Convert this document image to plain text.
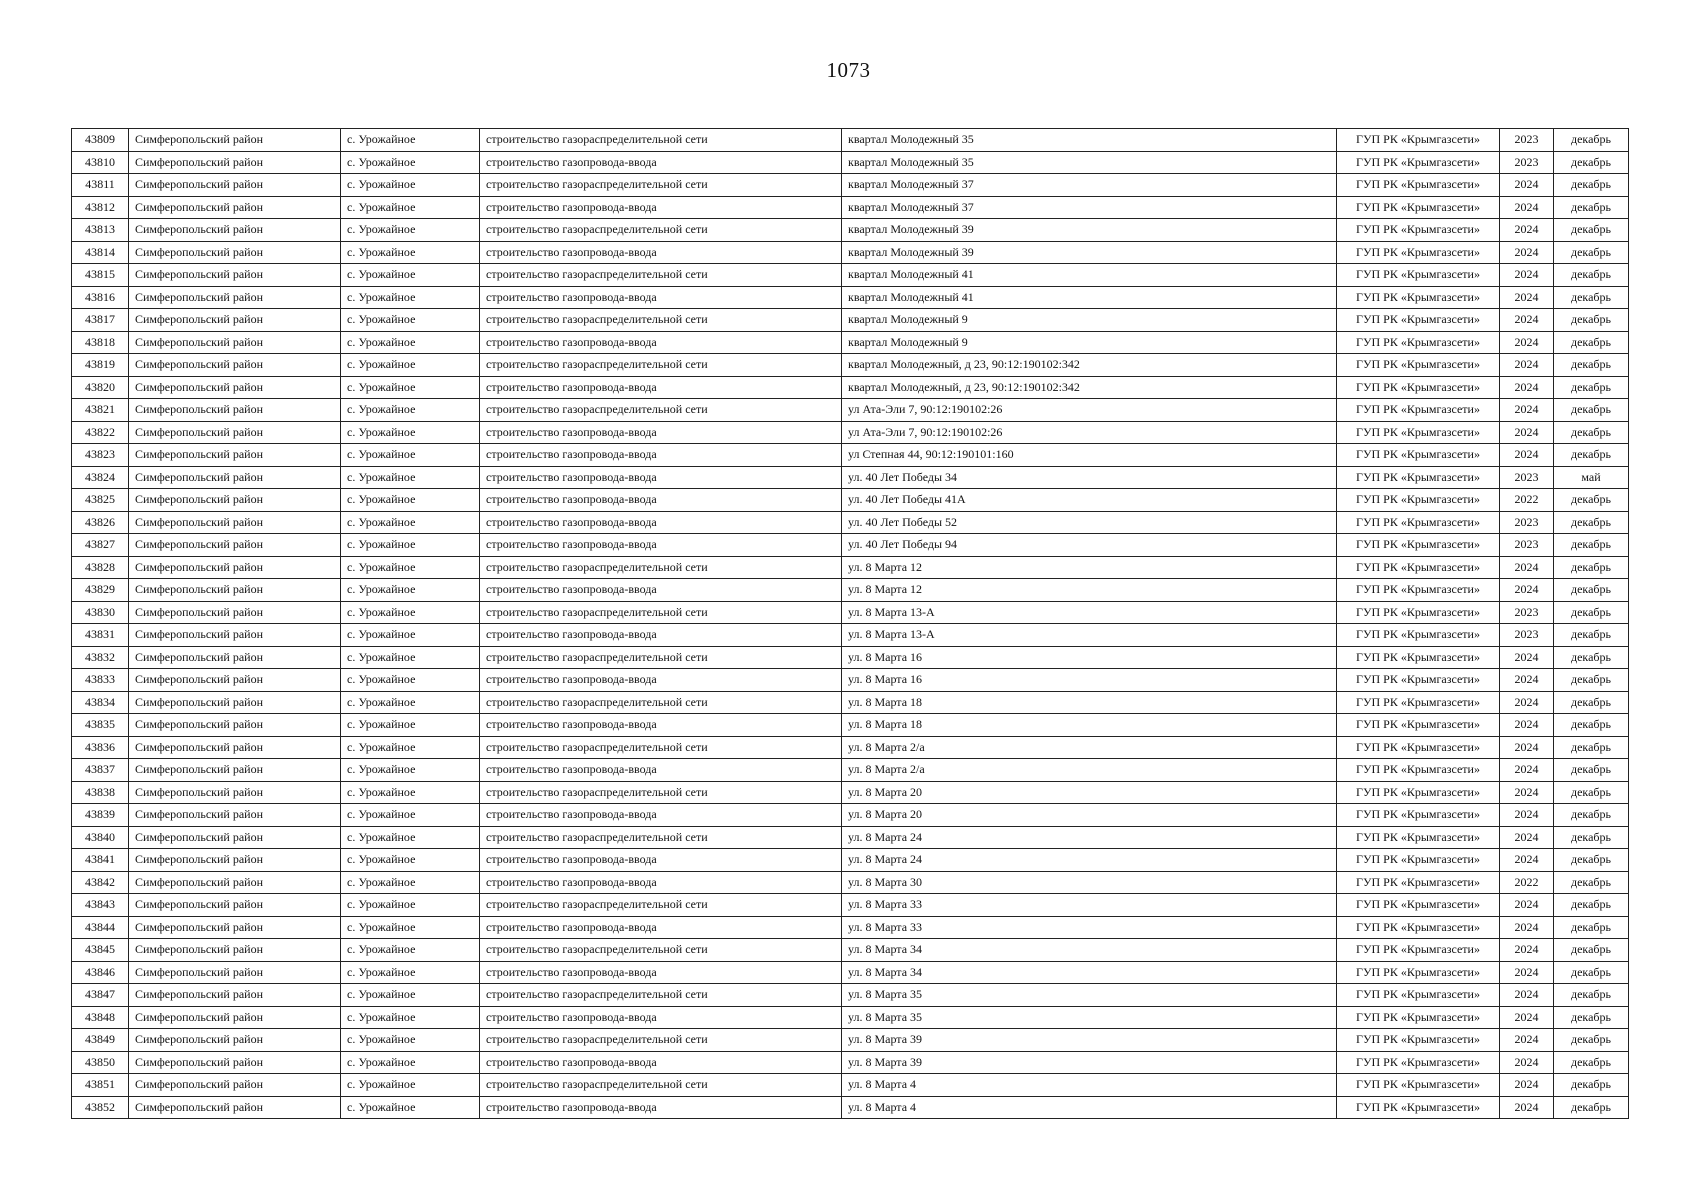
1073
43809	Симферопольский район	с. Урожайное	строительство газораспределительной сети	квартал Молодежный 35	ГУП РК «Крымгазсети»	2023	декабрь
43810	Симферопольский район	с. Урожайное	строительство газопровода-ввода	квартал Молодежный 35	ГУП РК «Крымгазсети»	2023	декабрь
43811	Симферопольский район	с. Урожайное	строительство газораспределительной сети	квартал Молодежный 37	ГУП РК «Крымгазсети»	2024	декабрь
43812	Симферопольский район	с. Урожайное	строительство газопровода-ввода	квартал Молодежный 37	ГУП РК «Крымгазсети»	2024	декабрь
43813	Симферопольский район	с. Урожайное	строительство газораспределительной сети	квартал Молодежный 39	ГУП РК «Крымгазсети»	2024	декабрь
43814	Симферопольский район	с. Урожайное	строительство газопровода-ввода	квартал Молодежный 39	ГУП РК «Крымгазсети»	2024	декабрь
43815	Симферопольский район	с. Урожайное	строительство газораспределительной сети	квартал Молодежный 41	ГУП РК «Крымгазсети»	2024	декабрь
43816	Симферопольский район	с. Урожайное	строительство газопровода-ввода	квартал Молодежный 41	ГУП РК «Крымгазсети»	2024	декабрь
43817	Симферопольский район	с. Урожайное	строительство газораспределительной сети	квартал Молодежный 9	ГУП РК «Крымгазсети»	2024	декабрь
43818	Симферопольский район	с. Урожайное	строительство газопровода-ввода	квартал Молодежный 9	ГУП РК «Крымгазсети»	2024	декабрь
43819	Симферопольский район	с. Урожайное	строительство газораспределительной сети	квартал Молодежный, д 23, 90:12:190102:342	ГУП РК «Крымгазсети»	2024	декабрь
43820	Симферопольский район	с. Урожайное	строительство газопровода-ввода	квартал Молодежный, д 23, 90:12:190102:342	ГУП РК «Крымгазсети»	2024	декабрь
43821	Симферопольский район	с. Урожайное	строительство газораспределительной сети	ул Ата-Эли 7, 90:12:190102:26	ГУП РК «Крымгазсети»	2024	декабрь
43822	Симферопольский район	с. Урожайное	строительство газопровода-ввода	ул Ата-Эли 7, 90:12:190102:26	ГУП РК «Крымгазсети»	2024	декабрь
43823	Симферопольский район	с. Урожайное	строительство газопровода-ввода	ул Степная 44, 90:12:190101:160	ГУП РК «Крымгазсети»	2024	декабрь
43824	Симферопольский район	с. Урожайное	строительство газопровода-ввода	ул. 40 Лет Победы 34	ГУП РК «Крымгазсети»	2023	май
43825	Симферопольский район	с. Урожайное	строительство газопровода-ввода	ул. 40 Лет Победы 41А	ГУП РК «Крымгазсети»	2022	декабрь
43826	Симферопольский район	с. Урожайное	строительство газопровода-ввода	ул. 40 Лет Победы 52	ГУП РК «Крымгазсети»	2023	декабрь
43827	Симферопольский район	с. Урожайное	строительство газопровода-ввода	ул. 40 Лет Победы 94	ГУП РК «Крымгазсети»	2023	декабрь
43828	Симферопольский район	с. Урожайное	строительство газораспределительной сети	ул. 8 Марта 12	ГУП РК «Крымгазсети»	2024	декабрь
43829	Симферопольский район	с. Урожайное	строительство газопровода-ввода	ул. 8 Марта 12	ГУП РК «Крымгазсети»	2024	декабрь
43830	Симферопольский район	с. Урожайное	строительство газораспределительной сети	ул. 8 Марта 13-А	ГУП РК «Крымгазсети»	2023	декабрь
43831	Симферопольский район	с. Урожайное	строительство газопровода-ввода	ул. 8 Марта 13-А	ГУП РК «Крымгазсети»	2023	декабрь
43832	Симферопольский район	с. Урожайное	строительство газораспределительной сети	ул. 8 Марта 16	ГУП РК «Крымгазсети»	2024	декабрь
43833	Симферопольский район	с. Урожайное	строительство газопровода-ввода	ул. 8 Марта 16	ГУП РК «Крымгазсети»	2024	декабрь
43834	Симферопольский район	с. Урожайное	строительство газораспределительной сети	ул. 8 Марта 18	ГУП РК «Крымгазсети»	2024	декабрь
43835	Симферопольский район	с. Урожайное	строительство газопровода-ввода	ул. 8 Марта 18	ГУП РК «Крымгазсети»	2024	декабрь
43836	Симферопольский район	с. Урожайное	строительство газораспределительной сети	ул. 8 Марта 2/а	ГУП РК «Крымгазсети»	2024	декабрь
43837	Симферопольский район	с. Урожайное	строительство газопровода-ввода	ул. 8 Марта 2/а	ГУП РК «Крымгазсети»	2024	декабрь
43838	Симферопольский район	с. Урожайное	строительство газораспределительной сети	ул. 8 Марта 20	ГУП РК «Крымгазсети»	2024	декабрь
43839	Симферопольский район	с. Урожайное	строительство газопровода-ввода	ул. 8 Марта 20	ГУП РК «Крымгазсети»	2024	декабрь
43840	Симферопольский район	с. Урожайное	строительство газораспределительной сети	ул. 8 Марта 24	ГУП РК «Крымгазсети»	2024	декабрь
43841	Симферопольский район	с. Урожайное	строительство газопровода-ввода	ул. 8 Марта 24	ГУП РК «Крымгазсети»	2024	декабрь
43842	Симферопольский район	с. Урожайное	строительство газопровода-ввода	ул. 8 Марта 30	ГУП РК «Крымгазсети»	2022	декабрь
43843	Симферопольский район	с. Урожайное	строительство газораспределительной сети	ул. 8 Марта 33	ГУП РК «Крымгазсети»	2024	декабрь
43844	Симферопольский район	с. Урожайное	строительство газопровода-ввода	ул. 8 Марта 33	ГУП РК «Крымгазсети»	2024	декабрь
43845	Симферопольский район	с. Урожайное	строительство газораспределительной сети	ул. 8 Марта 34	ГУП РК «Крымгазсети»	2024	декабрь
43846	Симферопольский район	с. Урожайное	строительство газопровода-ввода	ул. 8 Марта 34	ГУП РК «Крымгазсети»	2024	декабрь
43847	Симферопольский район	с. Урожайное	строительство газораспределительной сети	ул. 8 Марта 35	ГУП РК «Крымгазсети»	2024	декабрь
43848	Симферопольский район	с. Урожайное	строительство газопровода-ввода	ул. 8 Марта 35	ГУП РК «Крымгазсети»	2024	декабрь
43849	Симферопольский район	с. Урожайное	строительство газораспределительной сети	ул. 8 Марта 39	ГУП РК «Крымгазсети»	2024	декабрь
43850	Симферопольский район	с. Урожайное	строительство газопровода-ввода	ул. 8 Марта 39	ГУП РК «Крымгазсети»	2024	декабрь
43851	Симферопольский район	с. Урожайное	строительство газораспределительной сети	ул. 8 Марта 4	ГУП РК «Крымгазсети»	2024	декабрь
43852	Симферопольский район	с. Урожайное	строительство газопровода-ввода	ул. 8 Марта 4	ГУП РК «Крымгазсети»	2024	декабрь
